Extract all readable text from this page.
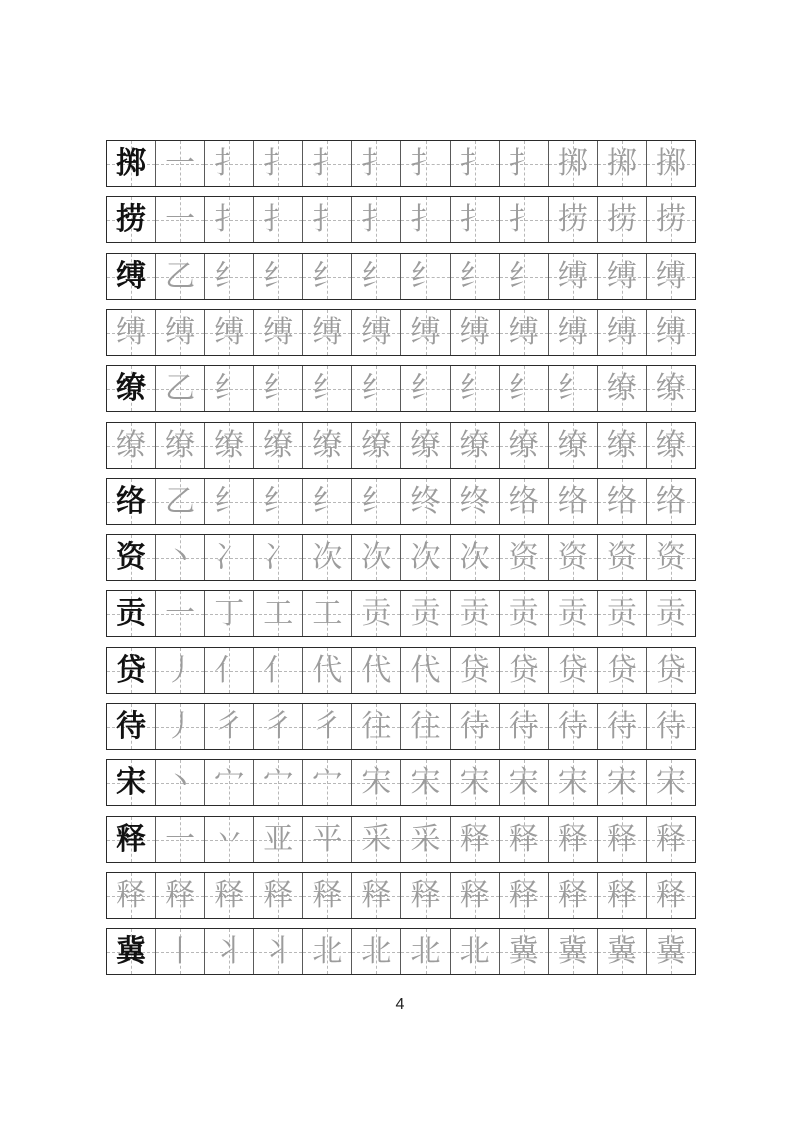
掷 一 扌 扌 扌 扌 扌 扌 扌 掷 掷 掷
捞 一 扌 扌 扌 扌 扌 扌 扌 捞 捞 捞
缚 乙 纟 纟 纟 纟 纟 纟 纟 缚 缚 缚
缚 缚 缚 缚 缚 缚 缚 缚 缚 缚 缚 缚
缭 乙 纟 纟 纟 纟 纟 纟 纟 纟 缭 缭
缭 缭 缭 缭 缭 缭 缭 缭 缭 缭 缭 缭
络 乙 纟 纟 纟 纟 终 终 络 络 络 络
资 丶 冫 冫 次 次 次 次 资 资 资 资
贡 一 丁 工 工 贡 贡 贡 贡 贡 贡 贡
贷 丿 亻 亻 代 代 代 贷 贷 贷 贷 贷
待 丿 彳 彳 彳 往 往 待 待 待 待 待
宋 丶 宀 宀 宀 宋 宋 宋 宋 宋 宋 宋
释 一 丷 亚 平 采 采 释 释 释 释 释
释 释 释 释 释 释 释 释 释 释 释 释
冀 丨 丬 丬 北 北 北 北 冀 冀 冀 冀
4
